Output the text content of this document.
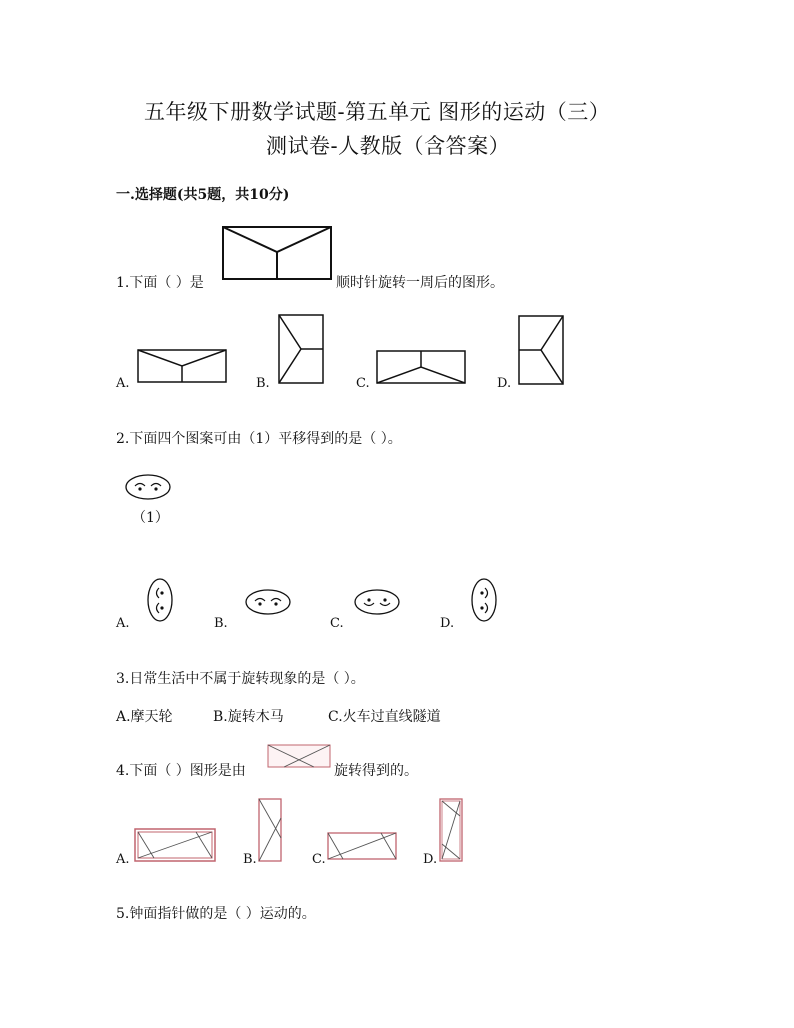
五年级下册数学试题-第五单元 图形的运动（三）
测试卷-人教版（含答案）
一.选择题(共5题，共10分)
1.下面（ ）是	顺时针旋转一周后的图形。
A.	B.	C.	D.
2.下面四个图案可由（1）平移得到的是（ ）。
（1）
A.	B.	C.	D.
3.日常生活中不属于旋转现象的是（ ）。
A.摩天轮	B.旋转木马	C.火车过直线隧道
4.下面（ ）图形是由	旋转得到的。
A.	B.	C.	D.
5.钟面指针做的是（ ）运动的。
